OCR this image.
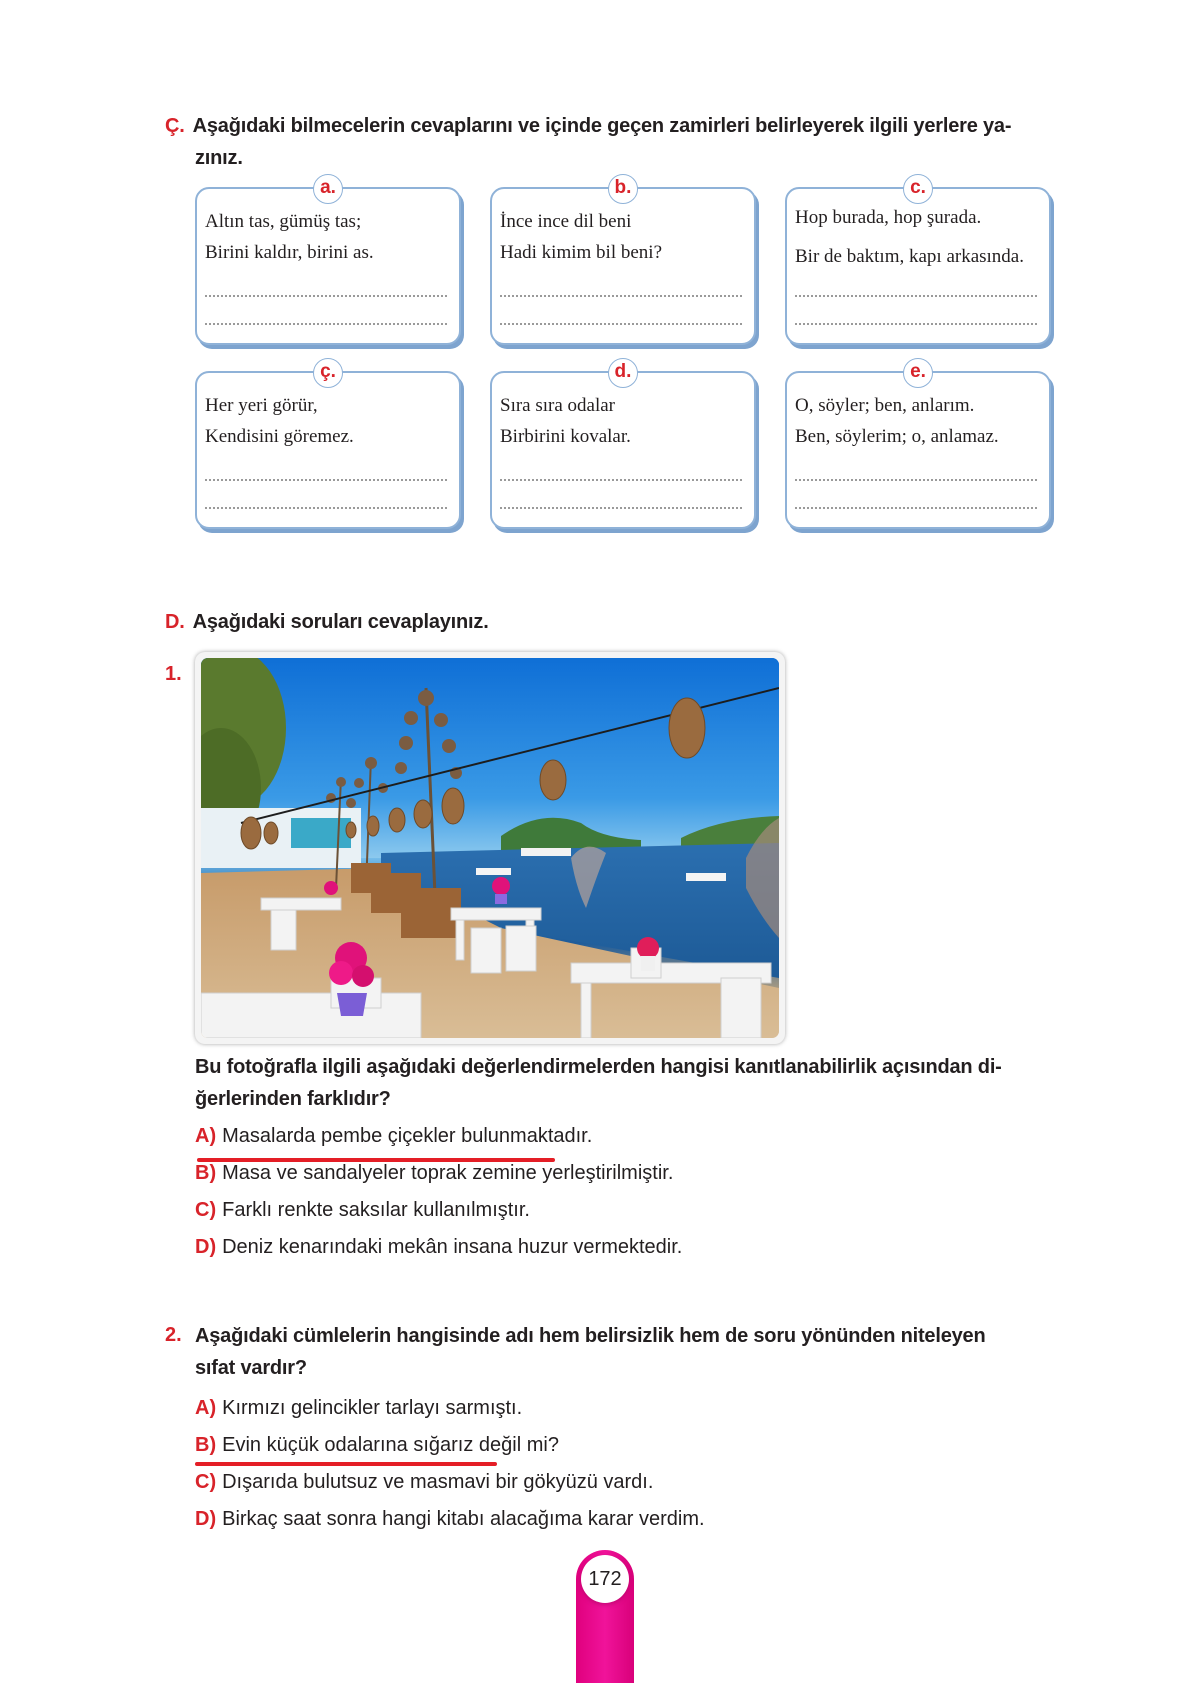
Ç. Aşağıdaki bilmecelerin cevaplarını ve içinde geçen zamirleri belirleyerek ilgili yerlere ya-
zınız.
a.
Altın tas, gümüş tas;
Birini kaldır, birini as.
b.
İnce ince dil beni
Hadi kimim bil beni?
c.
Hop burada, hop şurada.
Bir de baktım, kapı arkasında.
ç.
Her yeri görür,
Kendisini göremez.
d.
Sıra sıra odalar
Birbirini kovalar.
e.
O, söyler; ben, anlarım.
Ben, söylerim; o, anlamaz.
D. Aşağıdaki soruları cevaplayınız.
1.
Bu fotoğrafla ilgili aşağıdaki değerlendirmelerden hangisi kanıtlanabilirlik açısından di-
ğerlerinden farklıdır?
A) Masalarda pembe çiçekler bulunmaktadır.
B) Masa ve sandalyeler toprak zemine yerleştirilmiştir.
C) Farklı renkte saksılar kullanılmıştır.
D) Deniz kenarındaki mekân insana huzur vermektedir.
2. Aşağıdaki cümlelerin hangisinde adı hem belirsizlik hem de soru yönünden niteleyen
sıfat vardır?
A) Kırmızı gelincikler tarlayı sarmıştı.
B) Evin küçük odalarına sığarız değil mi?
C) Dışarıda bulutsuz ve masmavi bir gökyüzü vardı.
D) Birkaç saat sonra hangi kitabı alacağıma karar verdim.
172
